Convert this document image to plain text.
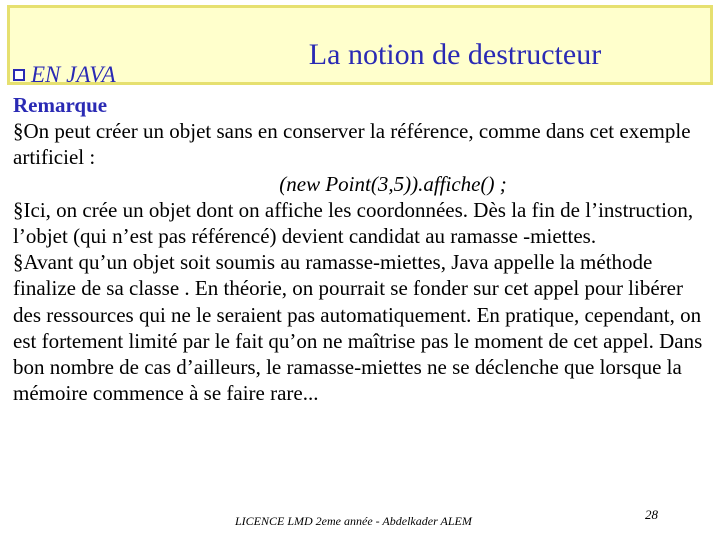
La notion de destructeur
EN JAVA
Remarque

§On peut créer un objet sans en conserver la référence, comme dans cet exemple artificiel :

(new Point(3,5)).affiche() ;

§Ici, on crée un objet dont on affiche les coordonnées. Dès la fin de l’instruction, l’objet (qui n’est pas référencé) devient candidat au ramasse -miettes.

§Avant qu’un objet soit soumis au ramasse-miettes, Java appelle la méthode finalize de sa classe . En théorie, on pourrait se fonder sur cet appel pour libérer des ressources qui ne le seraient pas automatiquement. En pratique, cependant, on est fortement limité par le fait qu’on ne maîtrise pas le moment de cet appel. Dans bon nombre de cas d’ailleurs, le ramasse-miettes ne se déclenche que lorsque la mémoire commence à se faire rare...

LICENCE LMD 2eme année - Abdelkader ALEM	28
